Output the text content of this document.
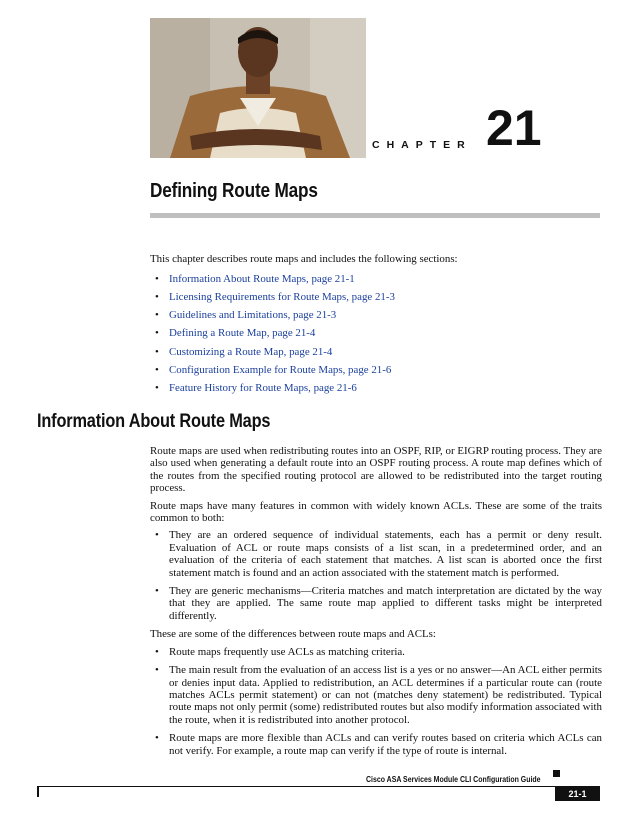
CHAPTER 21
Defining Route Maps

This chapter describes route maps and includes the following sections:

• Information About Route Maps, page 21-1
• Licensing Requirements for Route Maps, page 21-3
• Guidelines and Limitations, page 21-3
• Defining a Route Map, page 21-4
• Customizing a Route Map, page 21-4
• Configuration Example for Route Maps, page 21-6
• Feature History for Route Maps, page 21-6
Information About Route Maps

Route maps are used when redistributing routes into an OSPF, RIP, or EIGRP routing process. They are also used when generating a default route into an OSPF routing process. A route map defines which of the routes from the specified routing protocol are allowed to be redistributed into the target routing process.

Route maps have many features in common with widely known ACLs. These are some of the traits common to both:

• They are an ordered sequence of individual statements, each has a permit or deny result. Evaluation of ACL or route maps consists of a list scan, in a predetermined order, and an evaluation of the criteria of each statement that matches. A list scan is aborted once the first statement match is found and an action associated with the statement match is performed.
• They are generic mechanisms—Criteria matches and match interpretation are dictated by the way that they are applied. The same route map applied to different tasks might be interpreted differently.

These are some of the differences between route maps and ACLs:

• Route maps frequently use ACLs as matching criteria.
• The main result from the evaluation of an access list is a yes or no answer—An ACL either permits or denies input data. Applied to redistribution, an ACL determines if a particular route can (route matches ACLs permit statement) or can not (matches deny statement) be redistributed. Typical route maps not only permit (some) redistributed routes but also modify information associated with the route, when it is redistributed into another protocol.
• Route maps are more flexible than ACLs and can verify routes based on criteria which ACLs can not verify. For example, a route map can verify if the type of route is internal.
Cisco ASA Services Module CLI Configuration Guide
21-1
